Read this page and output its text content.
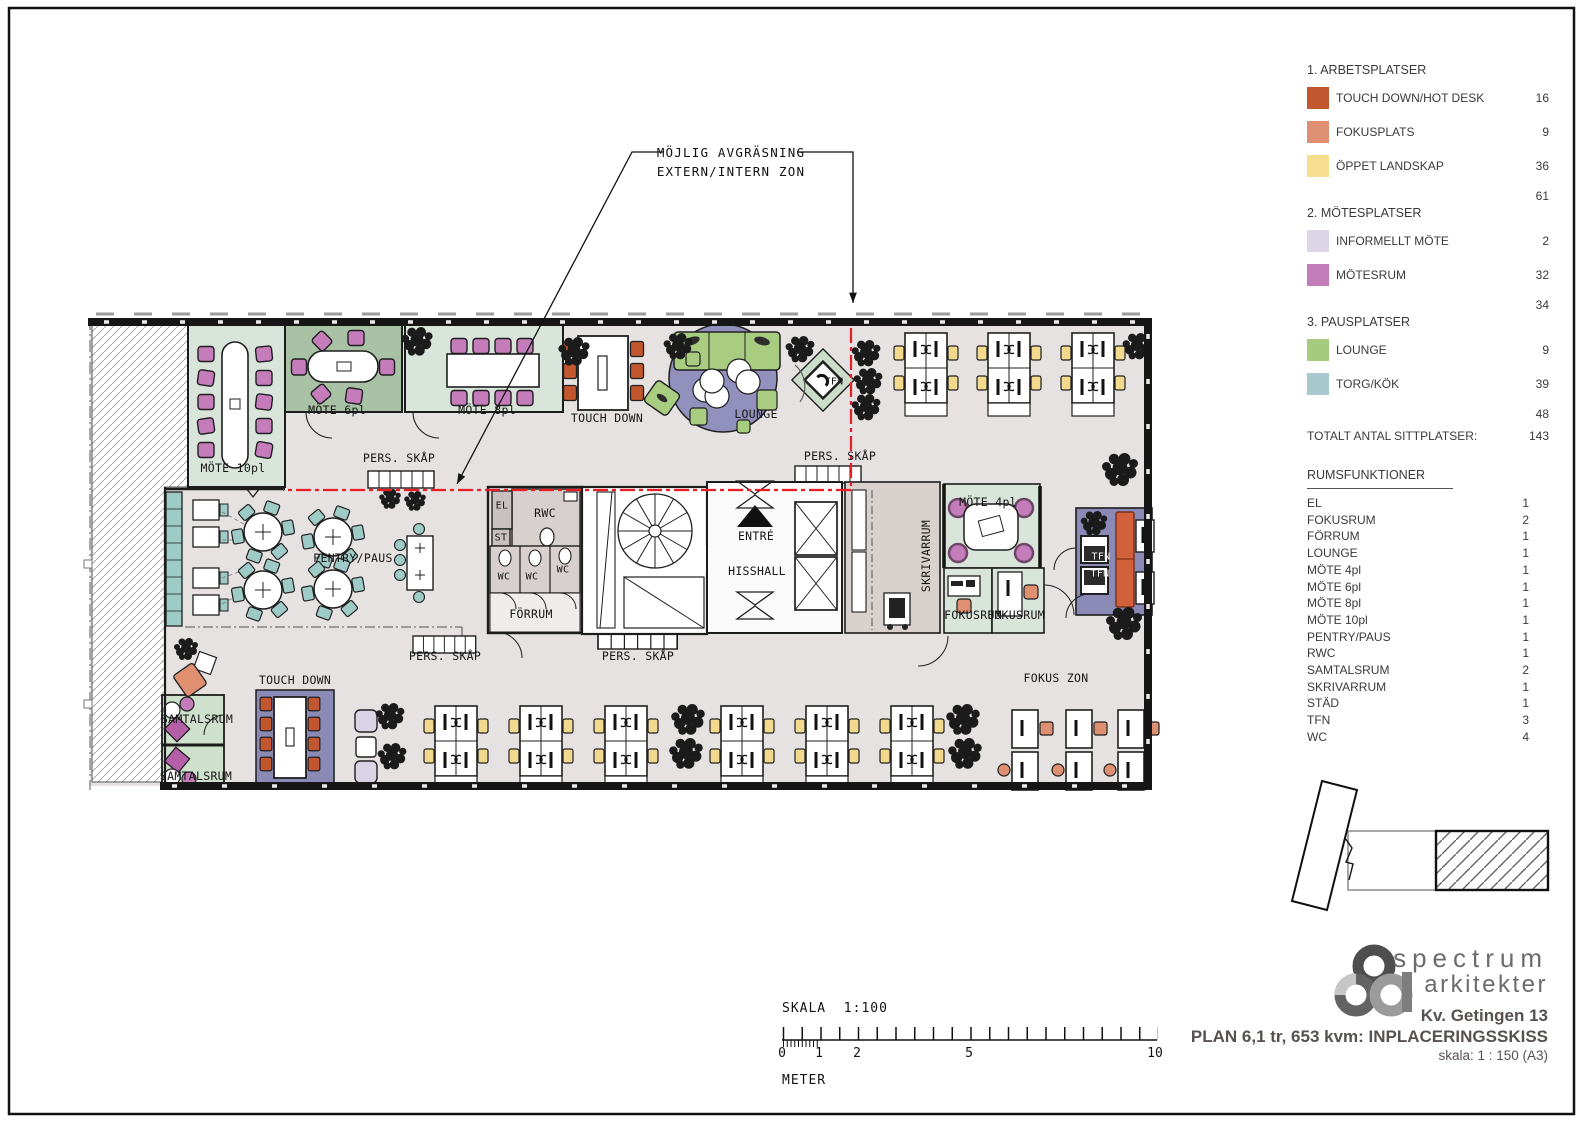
MÖTE 10pl
MÖTE 6pl	MÖTE 8pl
TOUCH DOWN	LOUNGE
PERS. SKÅP	PERS. SKÅP
PERS. SKÅP	PERS. SKÅP
PENTRY/PAUS
EL
ST
RWC
WC WC
WC
FÖRRUM
ENTRÉ
HISSHALL	SKRIVARRUM
MÖTE 4pl
FOKUSRUM
FOKUSRUM
TFN
TFN
TFN
FOKUS ZON
SAMTALSRUM
SAMTALSRUM
TOUCH DOWN
MÖJLIG AVGRÄSNING
EXTERN/INTERN ZON
1. ARBETSPLATSER
TOUCH DOWN/HOT DESK	16
FOKUSPLATS	9
ÖPPET LANDSKAP	36
61
2. MÖTESPLATSER
INFORMELLT MÖTE	2
MÖTESRUM	32
34
3. PAUSPLATSER
LOUNGE	9
TORG/KÖK	39
48
TOTALT ANTAL SITTPLATSER:	143
RUMSFUNKTIONER
EL	1
FOKUSRUM	2
FÖRRUM	1
LOUNGE	1
MÖTE 4pl	1
MÖTE 6pl	1
MÖTE 8pl	1
MÖTE 10pl	1
PENTRY/PAUS	1
RWC	1
SAMTALSRUM	2
SKRIVARRUM	1
STÄD	1
TFN	3
WC	4
SKALA  1:100
0 1 2	5	10
METER
spectrum
arkitekter
Kv. Getingen 13
PLAN 6,1 tr, 653 kvm: INPLACERINGSSKISS
skala: 1 : 150 (A3)
